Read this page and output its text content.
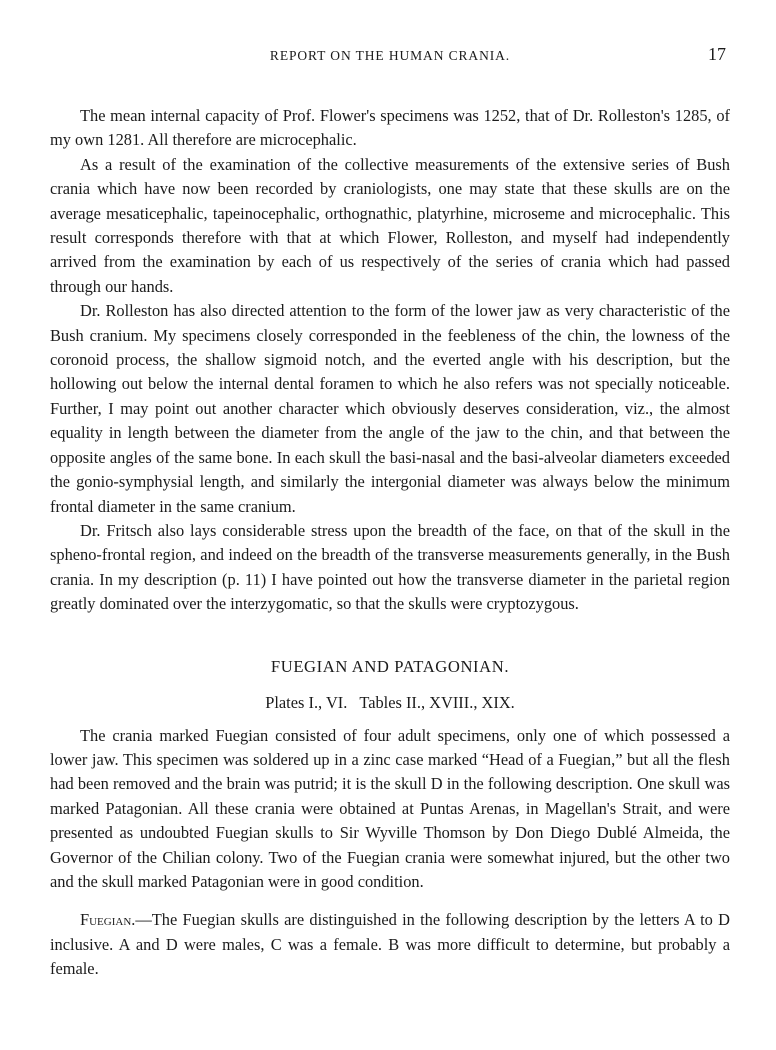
REPORT ON THE HUMAN CRANIA.	17

The mean internal capacity of Prof. Flower's specimens was 1252, that of Dr. Rolleston's 1285, of my own 1281. All therefore are microcephalic.

As a result of the examination of the collective measurements of the extensive series of Bush crania which have now been recorded by craniologists, one may state that these skulls are on the average mesaticephalic, tapeinocephalic, orthognathic, platyrhine, microseme and microcephalic. This result corresponds therefore with that at which Flower, Rolleston, and myself had independently arrived from the examination by each of us respectively of the series of crania which had passed through our hands.

Dr. Rolleston has also directed attention to the form of the lower jaw as very characteristic of the Bush cranium. My specimens closely corresponded in the feebleness of the chin, the lowness of the coronoid process, the shallow sigmoid notch, and the everted angle with his description, but the hollowing out below the internal dental foramen to which he also refers was not specially noticeable. Further, I may point out another character which obviously deserves consideration, viz., the almost equality in length between the diameter from the angle of the jaw to the chin, and that between the opposite angles of the same bone. In each skull the basi-nasal and the basi-alveolar diameters exceeded the gonio-symphysial length, and similarly the intergonial diameter was always below the minimum frontal diameter in the same cranium.

Dr. Fritsch also lays considerable stress upon the breadth of the face, on that of the skull in the spheno-frontal region, and indeed on the breadth of the transverse measurements generally, in the Bush crania. In my description (p. 11) I have pointed out how the transverse diameter in the parietal region greatly dominated over the interzygomatic, so that the skulls were cryptozygous.

FUEGIAN AND PATAGONIAN.
Plates I., VI.   Tables II., XVIII., XIX.

The crania marked Fuegian consisted of four adult specimens, only one of which possessed a lower jaw. This specimen was soldered up in a zinc case marked “Head of a Fuegian,” but all the flesh had been removed and the brain was putrid; it is the skull D in the following description. One skull was marked Patagonian. All these crania were obtained at Puntas Arenas, in Magellan's Strait, and were presented as undoubted Fuegian skulls to Sir Wyville Thomson by Don Diego Dublé Almeida, the Governor of the Chilian colony. Two of the Fuegian crania were somewhat injured, but the other two and the skull marked Patagonian were in good condition.

Fuegian.—The Fuegian skulls are distinguished in the following description by the letters A to D inclusive. A and D were males, C was a female. B was more difficult to determine, but probably a female.
